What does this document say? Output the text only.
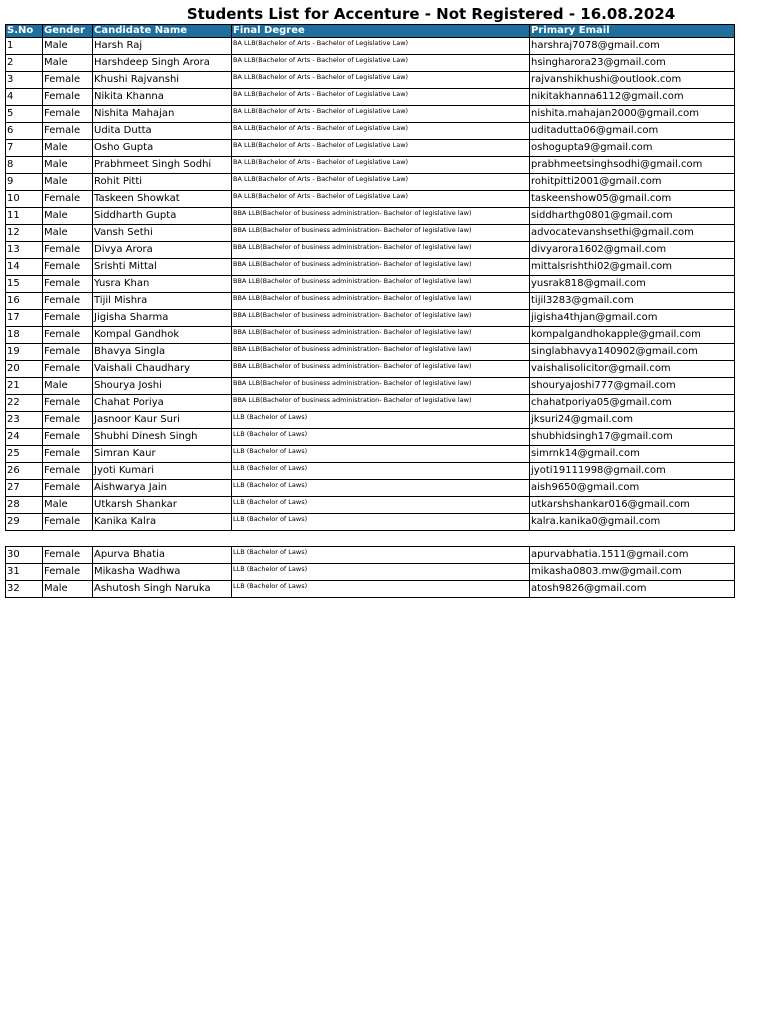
Students List for Accenture - Not Registered - 16.08.2024
S.No	Gender	Candidate Name	Final Degree	Primary Email
1	Male	Harsh Raj	BA LLB(Bachelor of Arts - Bachelor of Legislative Law)	harshraj7078@gmail.com
2	Male	Harshdeep Singh Arora	BA LLB(Bachelor of Arts - Bachelor of Legislative Law)	hsingharora23@gmail.com
3	Female	Khushi Rajvanshi	BA LLB(Bachelor of Arts - Bachelor of Legislative Law)	rajvanshikhushi@outlook.com
4	Female	Nikita Khanna	BA LLB(Bachelor of Arts - Bachelor of Legislative Law)	nikitakhanna6112@gmail.com
5	Female	Nishita Mahajan	BA LLB(Bachelor of Arts - Bachelor of Legislative Law)	nishita.mahajan2000@gmail.com
6	Female	Udita Dutta	BA LLB(Bachelor of Arts - Bachelor of Legislative Law)	uditadutta06@gmail.com
7	Male	Osho Gupta	BA LLB(Bachelor of Arts - Bachelor of Legislative Law)	oshogupta9@gmail.com
8	Male	Prabhmeet Singh Sodhi	BA LLB(Bachelor of Arts - Bachelor of Legislative Law)	prabhmeetsinghsodhi@gmail.com
9	Male	Rohit Pitti	BA LLB(Bachelor of Arts - Bachelor of Legislative Law)	rohitpitti2001@gmail.com
10	Female	Taskeen Showkat	BA LLB(Bachelor of Arts - Bachelor of Legislative Law)	taskeenshow05@gmail.com
11	Male	Siddharth Gupta	BBA LLB(Bachelor of business administration- Bachelor of legislative law)	siddharthg0801@gmail.com
12	Male	Vansh Sethi	BBA LLB(Bachelor of business administration- Bachelor of legislative law)	advocatevanshsethi@gmail.com
13	Female	Divya Arora	BBA LLB(Bachelor of business administration- Bachelor of legislative law)	divyarora1602@gmail.com
14	Female	Srishti Mittal	BBA LLB(Bachelor of business administration- Bachelor of legislative law)	mittalsrishthi02@gmail.com
15	Female	Yusra Khan	BBA LLB(Bachelor of business administration- Bachelor of legislative law)	yusrak818@gmail.com
16	Female	Tijil Mishra	BBA LLB(Bachelor of business administration- Bachelor of legislative law)	tijil3283@gmail.com
17	Female	Jigisha Sharma	BBA LLB(Bachelor of business administration- Bachelor of legislative law)	jigisha4thjan@gmail.com
18	Female	Kompal Gandhok	BBA LLB(Bachelor of business administration- Bachelor of legislative law)	kompalgandhokapple@gmail.com
19	Female	Bhavya Singla	BBA LLB(Bachelor of business administration- Bachelor of legislative law)	singlabhavya140902@gmail.com
20	Female	Vaishali Chaudhary	BBA LLB(Bachelor of business administration- Bachelor of legislative law)	vaishalisolicitor@gmail.com
21	Male	Shourya Joshi	BBA LLB(Bachelor of business administration- Bachelor of legislative law)	shouryajoshi777@gmail.com
22	Female	Chahat Poriya	BBA LLB(Bachelor of business administration- Bachelor of legislative law)	chahatporiya05@gmail.com
23	Female	Jasnoor Kaur Suri	LLB (Bachelor of Laws)	jksuri24@gmail.com
24	Female	Shubhi Dinesh Singh	LLB (Bachelor of Laws)	shubhidsingh17@gmail.com
25	Female	Simran Kaur	LLB (Bachelor of Laws)	simrnk14@gmail.com
26	Female	Jyoti Kumari	LLB (Bachelor of Laws)	jyoti19111998@gmail.com
27	Female	Aishwarya Jain	LLB (Bachelor of Laws)	aish9650@gmail.com
28	Male	Utkarsh Shankar	LLB (Bachelor of Laws)	utkarshshankar016@gmail.com
29	Female	Kanika Kalra	LLB (Bachelor of Laws)	kalra.kanika0@gmail.com
30	Female	Apurva Bhatia	LLB (Bachelor of Laws)	apurvabhatia.1511@gmail.com
31	Female	Mikasha Wadhwa	LLB (Bachelor of Laws)	mikasha0803.mw@gmail.com
32	Male	Ashutosh Singh Naruka	LLB (Bachelor of Laws)	atosh9826@gmail.com
